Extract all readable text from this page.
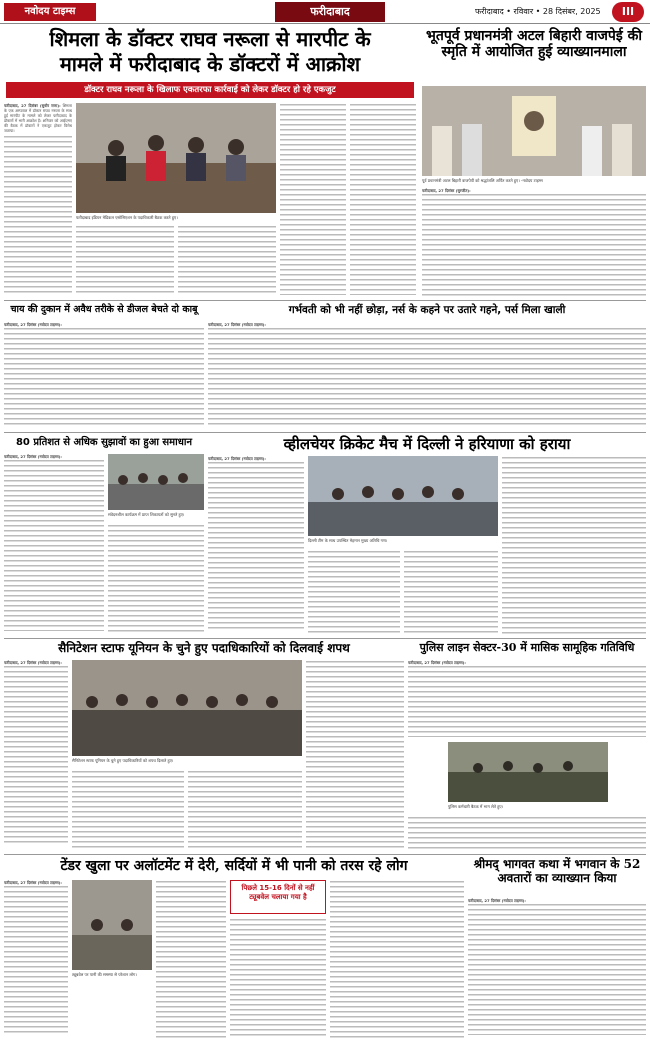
नवोदय टाइम्स	फरीदाबाद	फरीदाबाद • रविवार • 28 दिसंबर, 2025	III
शिमला के डॉक्टर राघव नरूला से मारपीट के
मामले में फरीदाबाद के डॉक्टरों में आक्रोश
डॉक्टर राघव नरूला के खिलाफ एकतरफा कार्रवाई को लेकर डॉक्टर हो रहे एकजुट
फरीदाबाद, 27 दिसंबर (सुधीर राणा): शिमला के एक अस्पताल में डॉक्टर राघव नरूला के साथ हुई मारपीट के मामले को लेकर फरीदाबाद के डॉक्टरों में भारी आक्रोश है। शनिवार को आईएमए की बैठक में डॉक्टरों ने एकजुट होकर विरोध जताया।
फरीदाबाद इंडियन मेडिकल एसोसिएशन के पदाधिकारी बैठक करते हुए।
भूतपूर्व प्रधानमंत्री अटल बिहारी वाजपेई की स्मृति में आयोजित हुई व्याख्यानमाला
पूर्व प्रधानमंत्री अटल बिहारी वाजपेयी को श्रद्धांजलि अर्पित करते हुए। -नवोदय टाइम्स
फरीदाबाद, 27 दिसंबर (सुरजीत):
चाय की दुकान में अवैध तरीके से डीजल बेचते दो काबू
फरीदाबाद, 27 दिसंबर (नवोदय टाइम्स):
गर्भवती को भी नहीं छोड़ा, नर्स के कहने पर उतारे गहने, पर्स मिला खाली
फरीदाबाद, 27 दिसंबर (नवोदय टाइम्स):
80 प्रतिशत से अधिक सुझावों का हुआ समाधान
फरीदाबाद, 27 दिसंबर (नवोदय टाइम्स):
संवेदनशील कार्यक्रम में प्राप्त शिकायतों को सुनते हुए।
व्हीलचेयर क्रिकेट मैच में दिल्ली ने हरियाणा को हराया
फरीदाबाद, 27 दिसंबर (नवोदय टाइम्स):
दिल्ली टीम के साथ उपस्थित मेहमान मुख्य अतिथि गण।
सैनिटेशन स्टाफ यूनियन के चुने हुए पदाधिकारियों को दिलवाई शपथ
फरीदाबाद, 27 दिसंबर (नवोदय टाइम्स):
सैनिटेशन स्टाफ यूनियन के चुने हुए पदाधिकारियों को शपथ दिलाते हुए।
पुलिस लाइन सेक्टर-30 में मासिक सामूहिक गतिविधि
फरीदाबाद, 27 दिसंबर (नवोदय टाइम्स):
पुलिस कर्मचारी बैठक में भाग लेते हुए।
टेंडर खुला पर अलॉटमेंट में देरी, सर्दियों में भी पानी को तरस रहे लोग
फरीदाबाद, 27 दिसंबर (नवोदय टाइम्स):
ट्यूबवेल पर पानी की समस्या से परेशान लोग।
पिछले 15-16 दिनों से नहीं ट्यूबवेल चलाया गया है
श्रीमद् भागवत कथा में भगवान के 52 अवतारों का व्याख्यान किया
फरीदाबाद, 27 दिसंबर (नवोदय टाइम्स):
